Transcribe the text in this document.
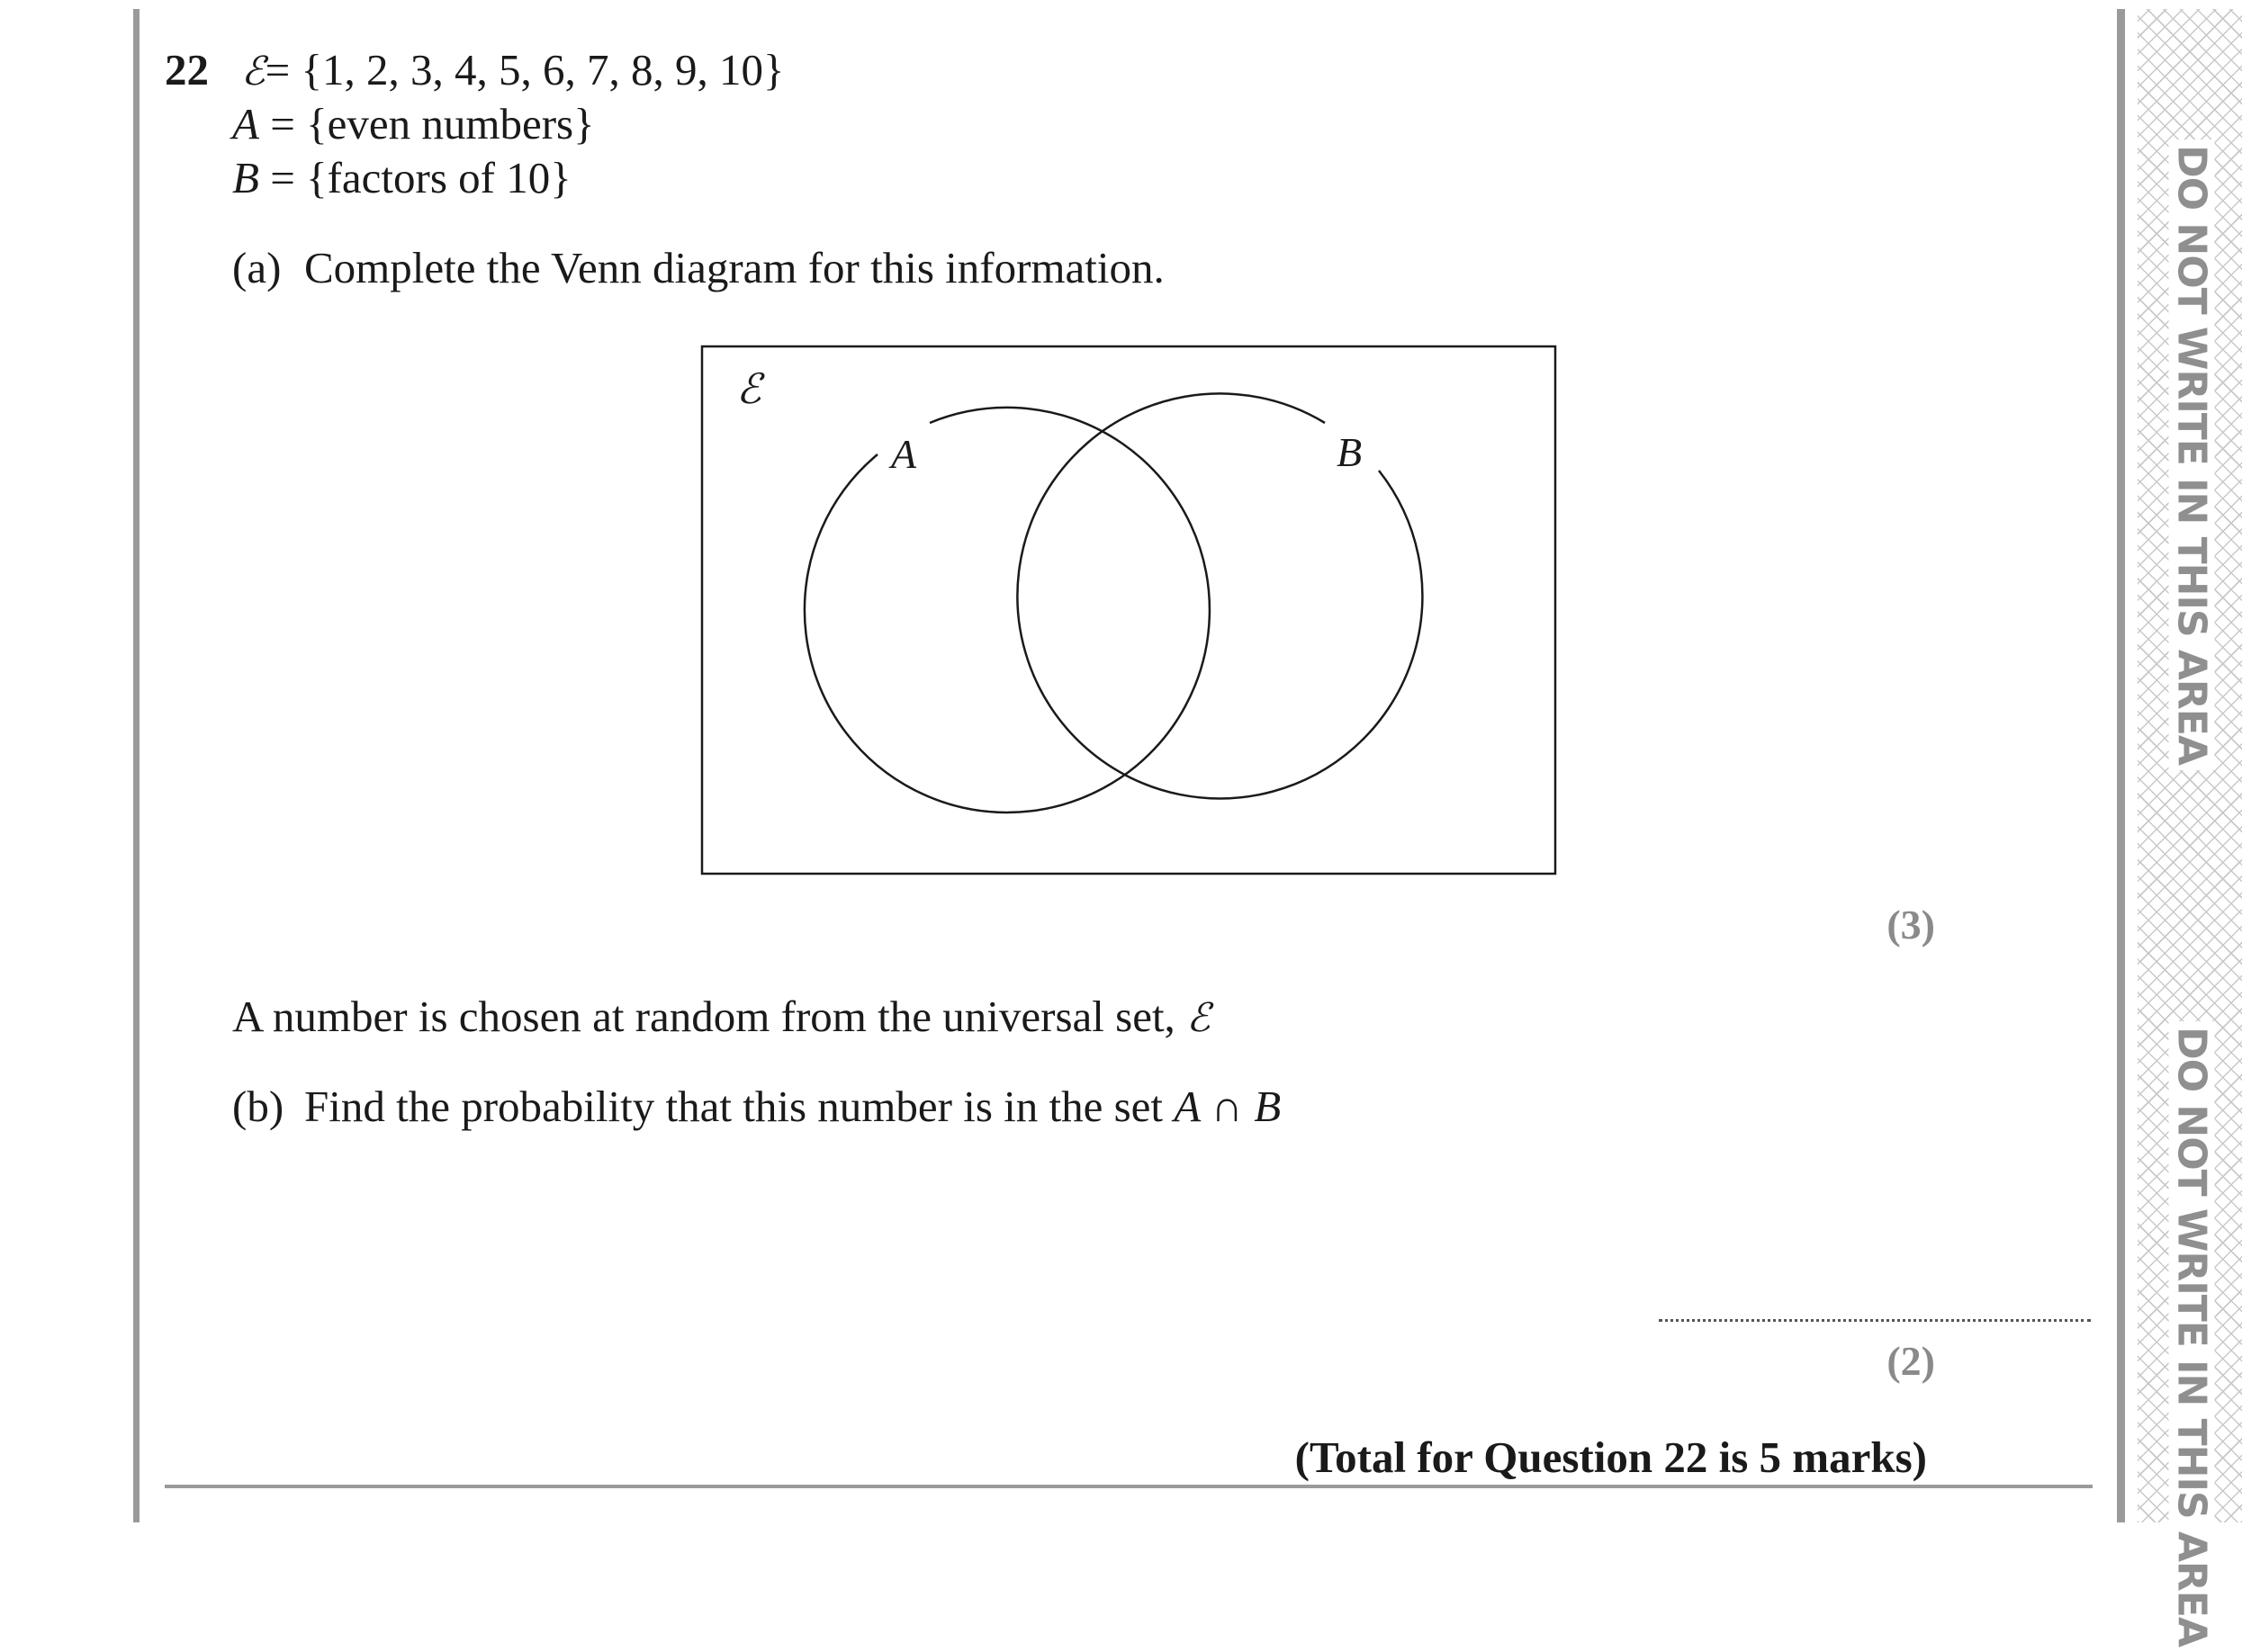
DO NOT WRITE IN THIS AREA
DO NOT WRITE IN THIS AREA
22 ℰ= {1, 2, 3, 4, 5, 6, 7, 8, 9, 10}
A = {even numbers}
B = {factors of 10}
(a) Complete the Venn diagram for this information.
ℰ
A	B
(3)
A number is chosen at random from the universal set, ℰ
(b) Find the probability that this number is in the set A ∩ B
(2)
(Total for Question 22 is 5 marks)
